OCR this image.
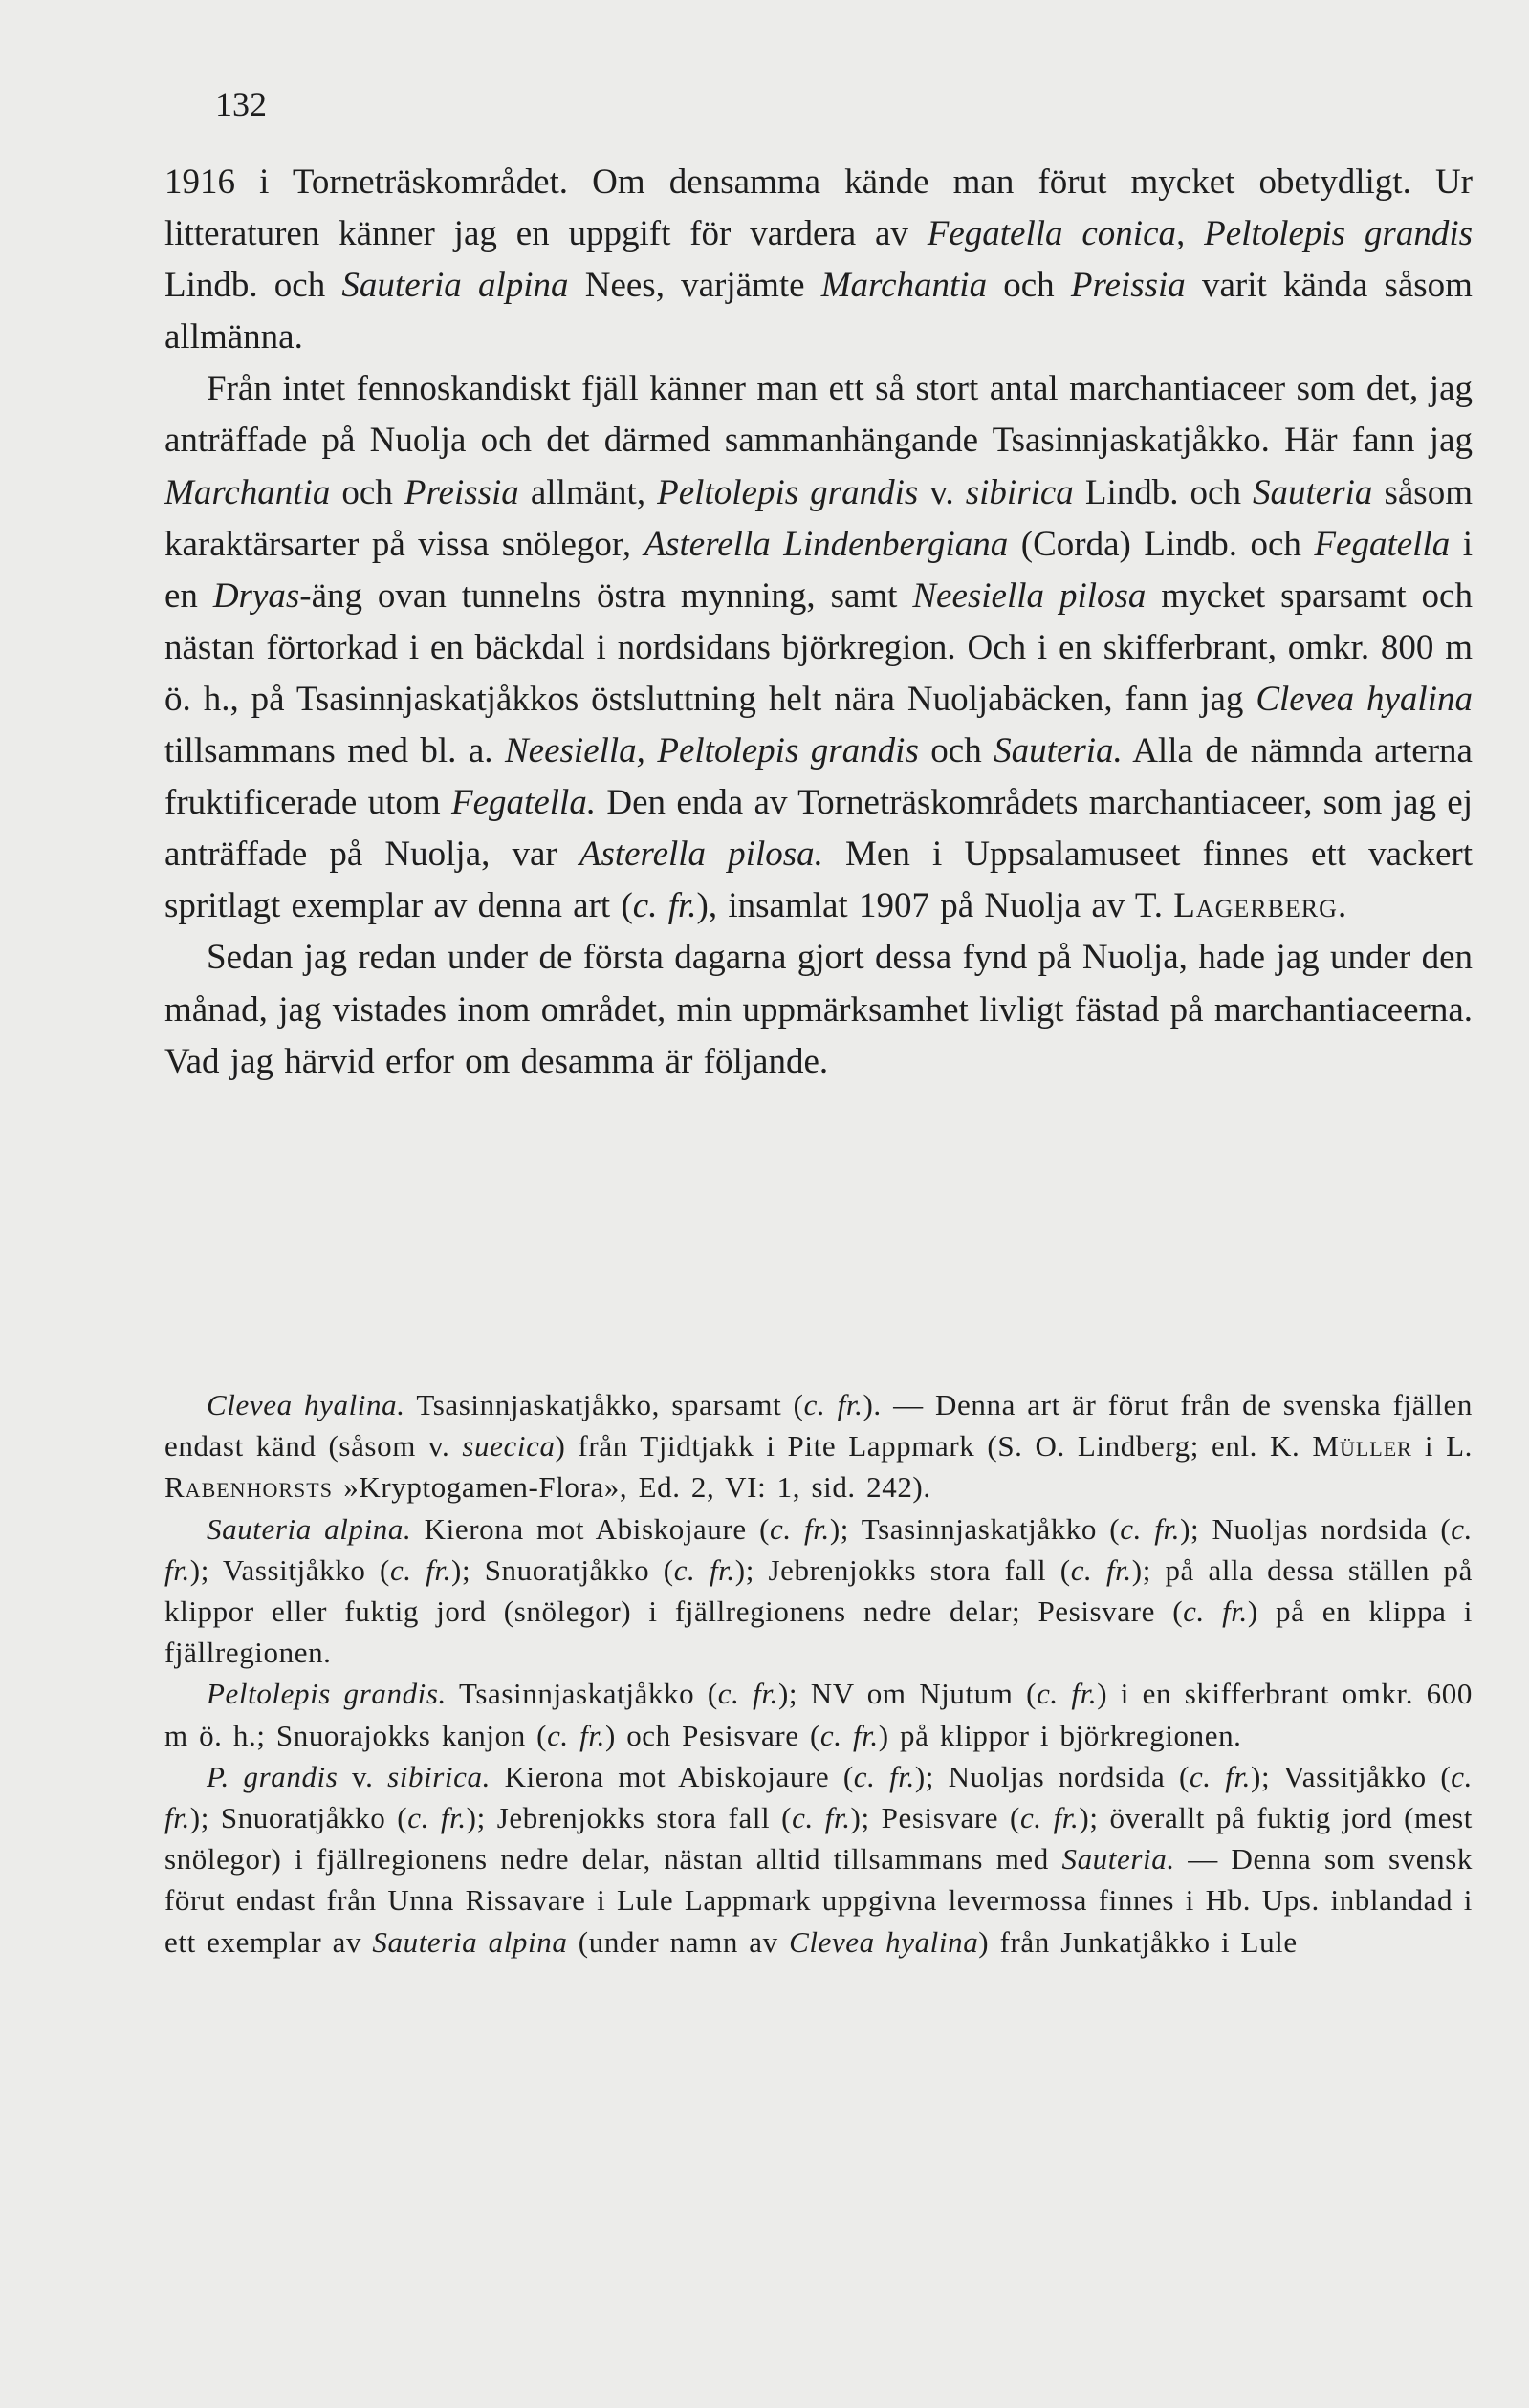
132

1916 i Torneträskområdet. Om densamma kände man förut mycket obetydligt. Ur litteraturen känner jag en uppgift för vardera av Fegatella conica, Peltolepis grandis Lindb. och Sauteria alpina Nees, varjämte Marchantia och Preissia varit kända såsom allmänna.

Från intet fennoskandiskt fjäll känner man ett så stort antal marchantiaceer som det, jag anträffade på Nuolja och det därmed sammanhängande Tsasinnjaskatjåkko. Här fann jag Marchantia och Preissia allmänt, Peltolepis grandis v. sibirica Lindb. och Sauteria såsom karaktärsarter på vissa snölegor, Asterella Lindenbergiana (Corda) Lindb. och Fegatella i en Dryas-äng ovan tunnelns östra mynning, samt Neesiella pilosa mycket sparsamt och nästan förtorkad i en bäckdal i nordsidans björkregion. Och i en skifferbrant, omkr. 800 m ö. h., på Tsasinnjaskatjåkkos östsluttning helt nära Nuoljabäcken, fann jag Clevea hyalina tillsammans med bl. a. Neesiella, Peltolepis grandis och Sauteria. Alla de nämnda arterna fruktificerade utom Fegatella. Den enda av Torneträskområdets marchantiaceer, som jag ej anträffade på Nuolja, var Asterella pilosa. Men i Uppsalamuseet finnes ett vackert spritlagt exemplar av denna art (c. fr.), insamlat 1907 på Nuolja av T. Lagerberg.

Sedan jag redan under de första dagarna gjort dessa fynd på Nuolja, hade jag under den månad, jag vistades inom området, min uppmärksamhet livligt fästad på marchantiaceerna. Vad jag härvid erfor om desamma är följande.

Clevea hyalina. Tsasinnjaskatjåkko, sparsamt (c. fr.). — Denna art är förut från de svenska fjällen endast känd (såsom v. suecica) från Tjidtjakk i Pite Lappmark (S. O. Lindberg; enl. K. Müller i L. Rabenhorsts »Kryptogamen-Flora», Ed. 2, VI: 1, sid. 242).

Sauteria alpina. Kierona mot Abiskojaure (c. fr.); Tsasinnjaskatjåkko (c. fr.); Nuoljas nordsida (c. fr.); Vassitjåkko (c. fr.); Snuoratjåkko (c. fr.); Jebrenjokks stora fall (c. fr.); på alla dessa ställen på klippor eller fuktig jord (snölegor) i fjällregionens nedre delar; Pesisvare (c. fr.) på en klippa i fjällregionen.

Peltolepis grandis. Tsasinnjaskatjåkko (c. fr.); NV om Njutum (c. fr.) i en skifferbrant omkr. 600 m ö. h.; Snuorajokks kanjon (c. fr.) och Pesisvare (c. fr.) på klippor i björkregionen.

P. grandis v. sibirica. Kierona mot Abiskojaure (c. fr.); Nuoljas nordsida (c. fr.); Vassitjåkko (c. fr.); Snuoratjåkko (c. fr.); Jebrenjokks stora fall (c. fr.); Pesisvare (c. fr.); överallt på fuktig jord (mest snölegor) i fjällregionens nedre delar, nästan alltid tillsammans med Sauteria. — Denna som svensk förut endast från Unna Rissavare i Lule Lappmark uppgivna levermossa finnes i Hb. Ups. inblandad i ett exemplar av Sauteria alpina (under namn av Clevea hyalina) från Junkatjåkko i Lule
